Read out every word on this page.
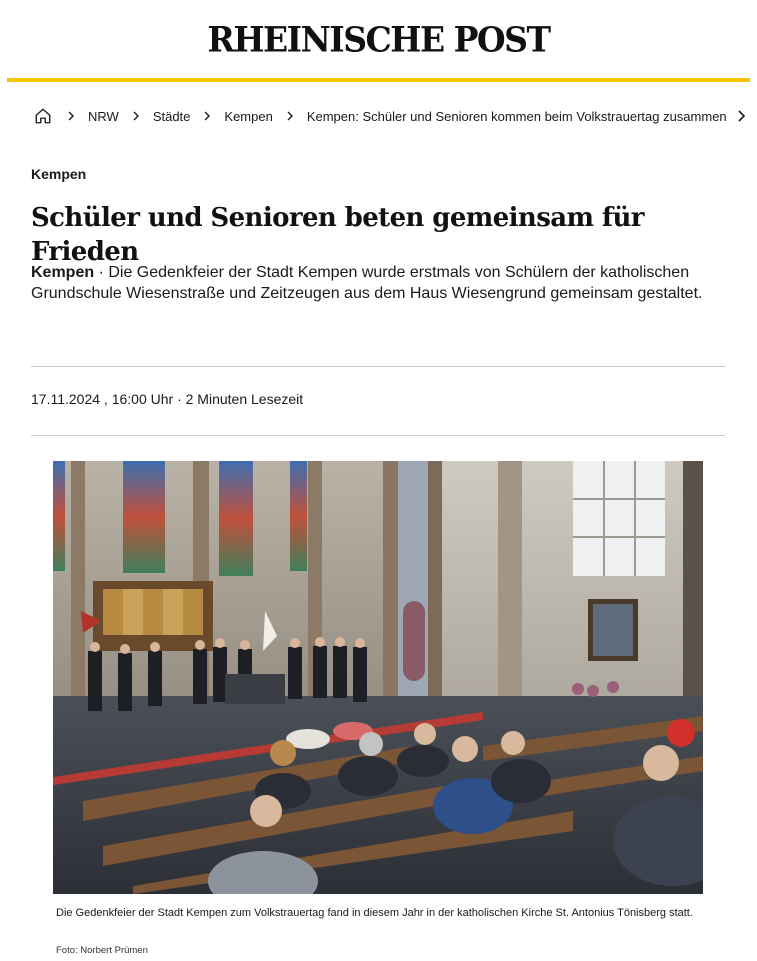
RHEINISCHE POST
NRW	Städte	Kempen	Kempen: Schüler und Senioren kommen beim Volkstrauertag zusammen
Kempen
Schüler und Senioren beten gemeinsam für Frieden

Kempen · Die Gedenkfeier der Stadt Kempen wurde erstmals von Schülern der katholischen Grundschule Wiesenstraße und Zeitzeugen aus dem Haus Wiesengrund gemeinsam gestaltet.

17.11.2024 , 16:00 Uhr · 2 Minuten Lesezeit
Die Gedenkfeier der Stadt Kempen zum Volkstrauertag fand in diesem Jahr in der katholischen Kirche St. Antonius Tönisberg statt.
Foto: Norbert Prümen
